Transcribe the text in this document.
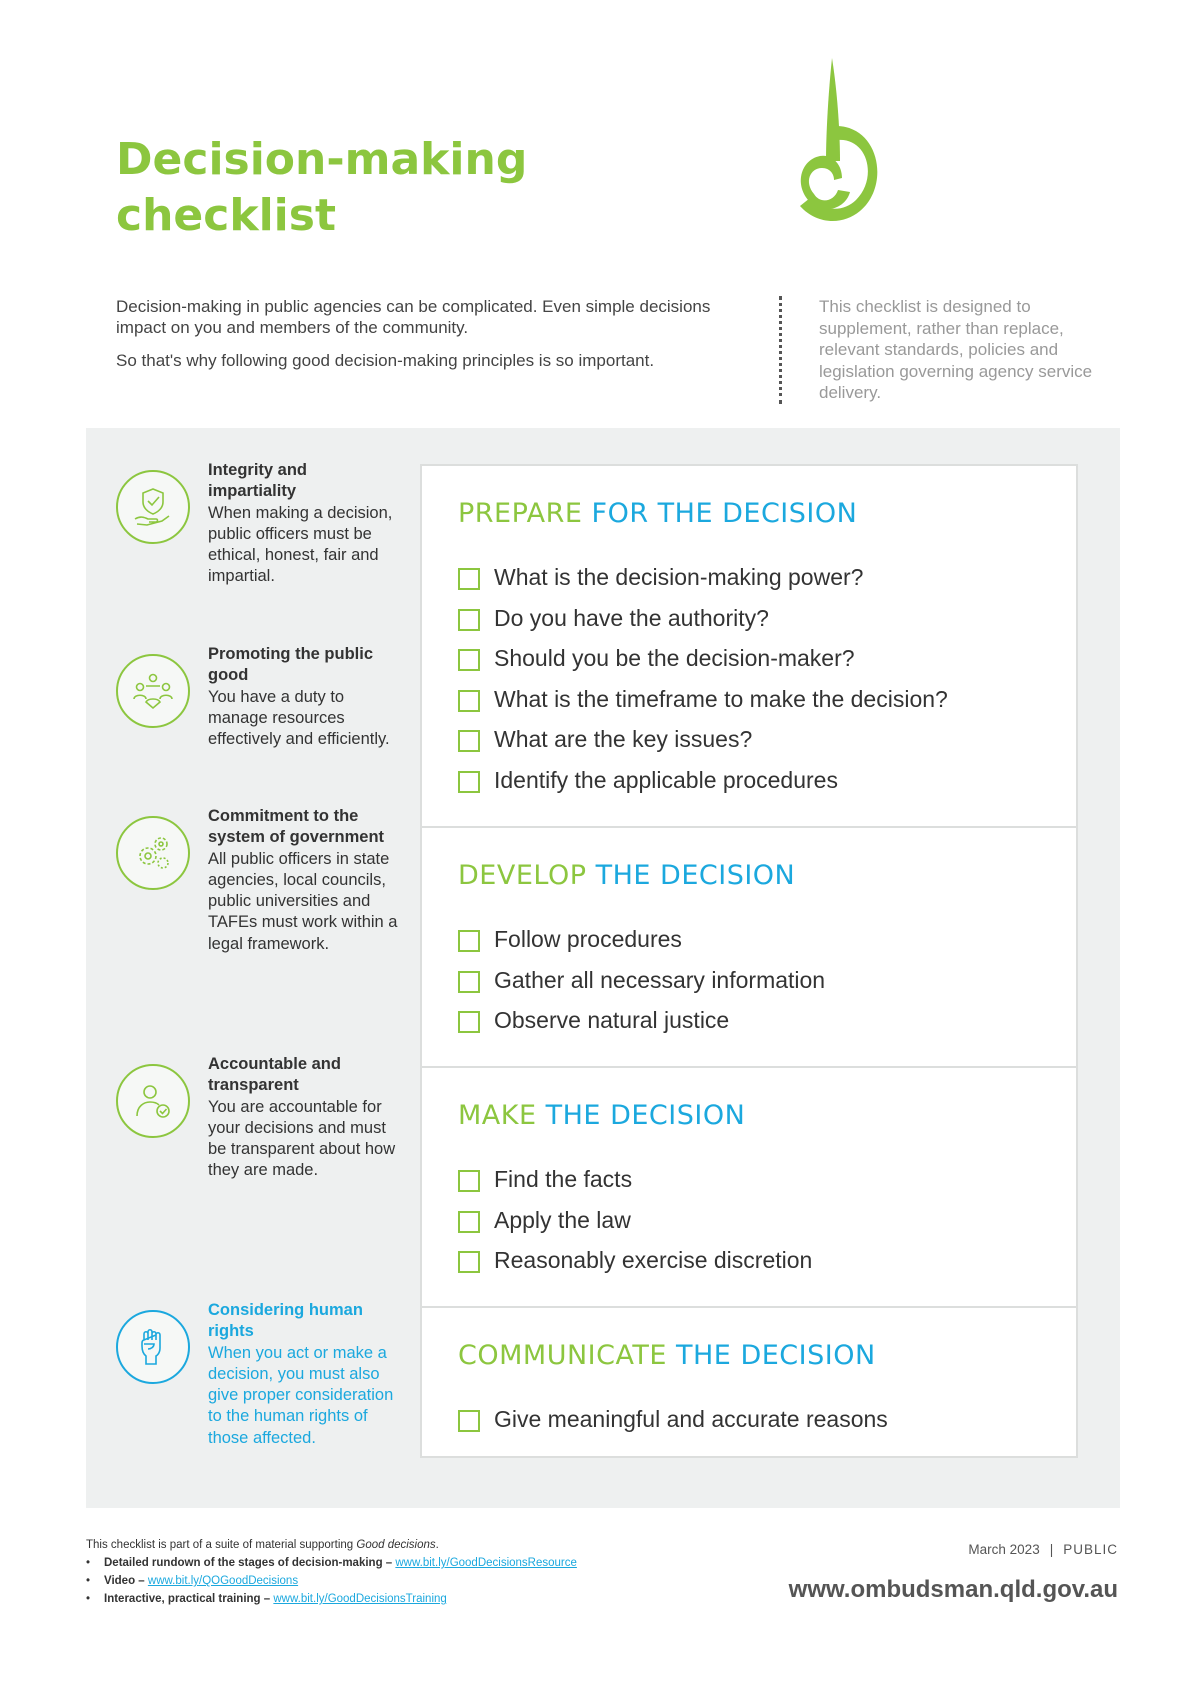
Decision-making
checklist

Decision-making in public agencies can be complicated. Even simple decisions impact on you and members of the community.

So that's why following good decision-making principles is so important.

This checklist is designed to supplement, rather than replace, relevant standards, policies and legislation governing agency service delivery.
Integrity and impartiality
When making a decision, public officers must be ethical, honest, fair and impartial.
Promoting the public good
You have a duty to manage resources effectively and efficiently.
Commitment to the system of government
All public officers in state agencies, local councils, public universities and TAFEs must work within a legal framework.
Accountable and transparent
You are accountable for your decisions and must be transparent about how they are made.
Considering human rights
When you act or make a decision, you must also give proper consideration to the human rights of those affected.
PREPARE FOR THE DECISION
What is the decision-making power?
Do you have the authority?
Should you be the decision-maker?
What is the timeframe to make the decision?
What are the key issues?
Identify the applicable procedures
DEVELOP THE DECISION
Follow procedures
Gather all necessary information
Observe natural justice
MAKE THE DECISION
Find the facts
Apply the law
Reasonably exercise discretion
COMMUNICATE THE DECISION
Give meaningful and accurate reasons

This checklist is part of a suite of material supporting Good decisions.

• Detailed rundown of the stages of decision-making – www.bit.ly/GoodDecisionsResource
• Video – www.bit.ly/QOGoodDecisions
• Interactive, practical training – www.bit.ly/GoodDecisionsTraining
March 2023 | PUBLIC
www.ombudsman.qld.gov.au
